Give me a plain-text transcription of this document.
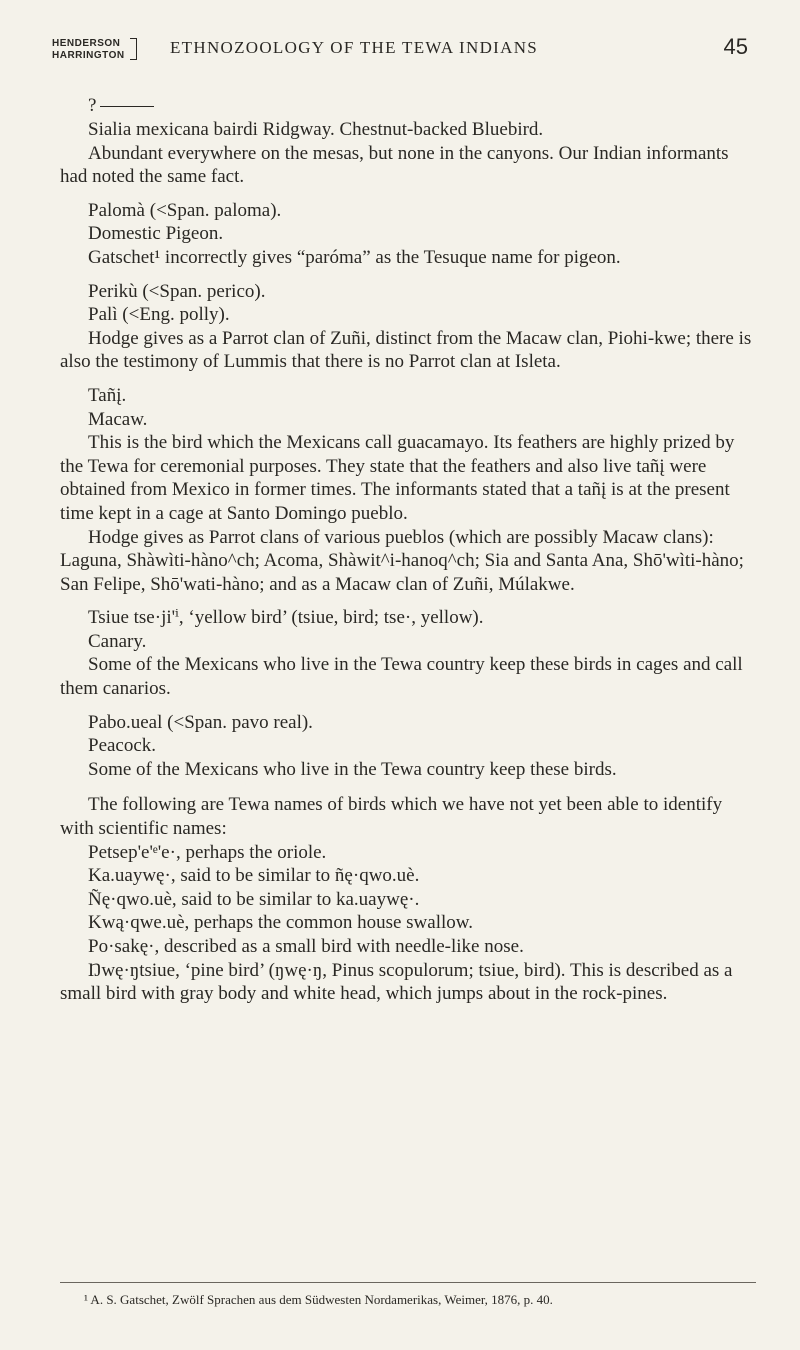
HENDERSON
HARRINGTON	ETHNOZOOLOGY OF THE TEWA INDIANS	45
?

Sialia mexicana bairdi Ridgway. Chestnut-backed Bluebird.

Abundant everywhere on the mesas, but none in the canyons. Our Indian informants had noted the same fact.

Palomà (<Span. paloma).

Domestic Pigeon.

Gatschet¹ incorrectly gives “paróma” as the Tesuque name for pigeon.

Perikù (<Span. perico).

Palì (<Eng. polly).

Hodge gives as a Parrot clan of Zuñi, distinct from the Macaw clan, Piohi-kwe; there is also the testimony of Lummis that there is no Parrot clan at Isleta.

Tañį.

Macaw.

This is the bird which the Mexicans call guacamayo. Its feathers are highly prized by the Tewa for ceremonial purposes. They state that the feathers and also live tañį were obtained from Mexico in former times. The informants stated that a tañį is at the present time kept in a cage at Santo Domingo pueblo.

Hodge gives as Parrot clans of various pueblos (which are possibly Macaw clans): Laguna, Shàwìti-hàno^ch; Acoma, Shàwit^i-hanoq^ch; Sia and Santa Ana, Shō'wìti-hàno; San Felipe, Shō'wati-hàno; and as a Macaw clan of Zuñi, Múlakwe.

Tsiue tse·ji'ⁱ, ‘yellow bird’ (tsiue, bird; tse·, yellow).

Canary.

Some of the Mexicans who live in the Tewa country keep these birds in cages and call them canarios.

Pabo.ueal (<Span. pavo real).

Peacock.

Some of the Mexicans who live in the Tewa country keep these birds.

The following are Tewa names of birds which we have not yet been able to identify with scientific names:

Petsep'e'ᵉ'e·, perhaps the oriole.

Ka.uaywę·, said to be similar to ñę·qwo.uè.

Ñę·qwo.uè, said to be similar to ka.uaywę·.

Kwą·qwe.uè, perhaps the common house swallow.

Po·sakę·, described as a small bird with needle-like nose.

Ŋwę·ŋtsiue, ‘pine bird’ (ŋwę·ŋ, Pinus scopulorum; tsiue, bird). This is described as a small bird with gray body and white head, which jumps about in the rock-pines.

¹ A. S. Gatschet, Zwölf Sprachen aus dem Südwesten Nordamerikas, Weimer, 1876, p. 40.
